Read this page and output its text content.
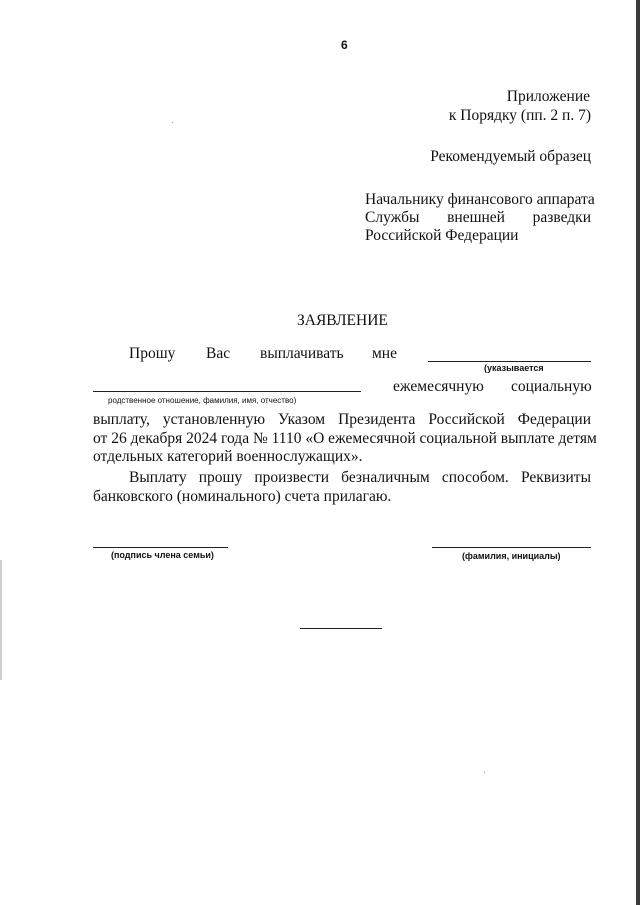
6
Приложение
к Порядку (пп. 2 п. 7)
Рекомендуемый образец
Начальнику финансового аппарата
Службы внешней разведки
Российской Федерации
ЗАЯВЛЕНИЕ
Прошу Вас выплачивать мне
(указывается
ежемесячную социальную
родственное отношение, фамилия, имя, отчество)
выплату, установленную Указом Президента Российской Федерации
от 26 декабря 2024 года № 1110 «О ежемесячной социальной выплате детям
отдельных категорий военнослужащих».
Выплату прошу произвести безналичным способом. Реквизиты
банковского (номинального) счета прилагаю.
(подпись члена семьи)	(фамилия, инициалы)
